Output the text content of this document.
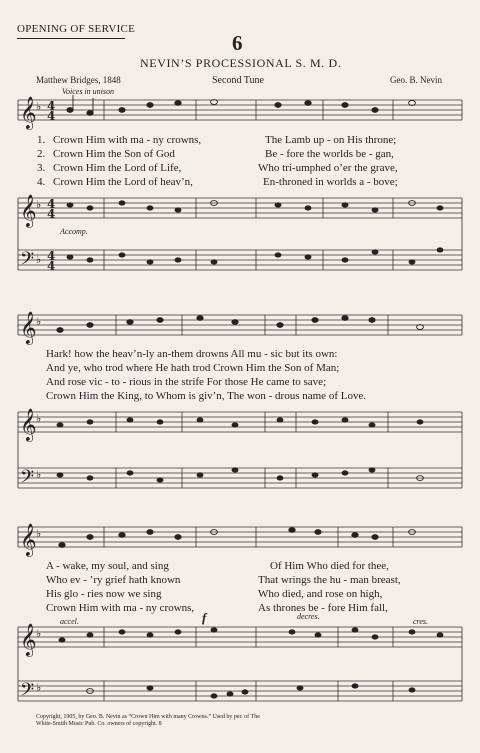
OPENING OF SERVICE
6
NEVIN’S PROCESSIONAL S. M. D.
Matthew Bridges, 1848	Second Tune	Geo. B. Nevin
𝄞
𝄞
𝄢
𝄞
𝄞
𝄢
𝄞
𝄞
𝄢
♭
♭
♭
♭
♭
♭
♭
♭
♭
4
4
4
4
4
4
Voices in unison
Accomp.
accel.	f	decres.
cres.
1. Crown Him with ma - ny crowns,	The Lamb up - on His throne;
2. Crown Him the Son of God	Be - fore the worlds be - gan,
3. Crown Him the Lord of Life,	Who tri-umphed o’er the grave,
4. Crown Him the Lord of heav’n,	En-throned in worlds a - bove;
Hark! how the heav’n-ly an-them drowns All mu - sic but its own:
And ye, who trod where He hath trod Crown Him the Son of Man;
And rose vic - to - rious in the strife For those He came to save;
Crown Him the King, to Whom is giv’n, The won - drous name of Love.
A - wake, my soul, and sing	Of Him Who died for thee,
Who ev - ’ry grief hath known	That wrings the hu - man breast,
His glo - ries now we sing	Who died, and rose on high,
Crown Him with ma - ny crowns,	As thrones be - fore Him fall,
Copyright, 1905, by Geo. B. Nevin as “Crown Him with many Crowns.” Used by per. of The White-Smith Music Pub. Co. owners of copyright. 8
